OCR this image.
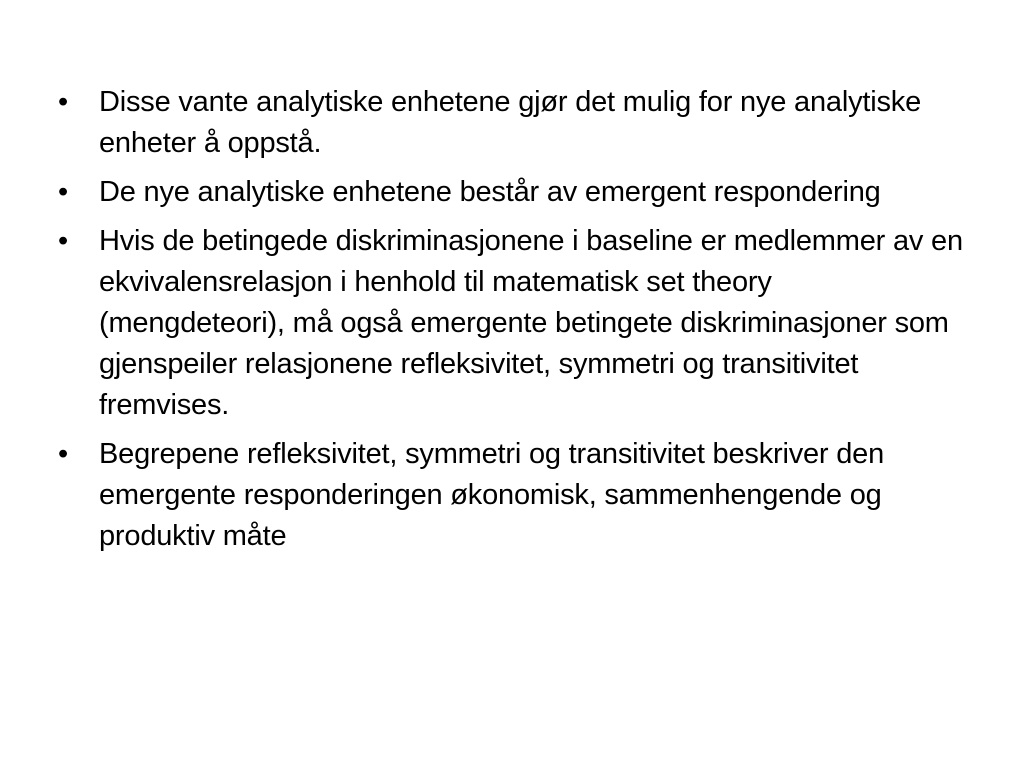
•	Disse vante analytiske enhetene gjør det mulig for nye analytiske enheter å oppstå.
•	De nye analytiske enhetene består av emergent respondering
•	Hvis de betingede diskriminasjonene i baseline er medlemmer av en ekvivalensrelasjon i henhold til matematisk set theory (mengdeteori), må også emergente betingete diskriminasjoner som gjenspeiler relasjonene refleksivitet, symmetri og transitivitet fremvises.
•	Begrepene refleksivitet, symmetri og transitivitet beskriver den emergente responderingen økonomisk, sammenhengende og produktiv måte
